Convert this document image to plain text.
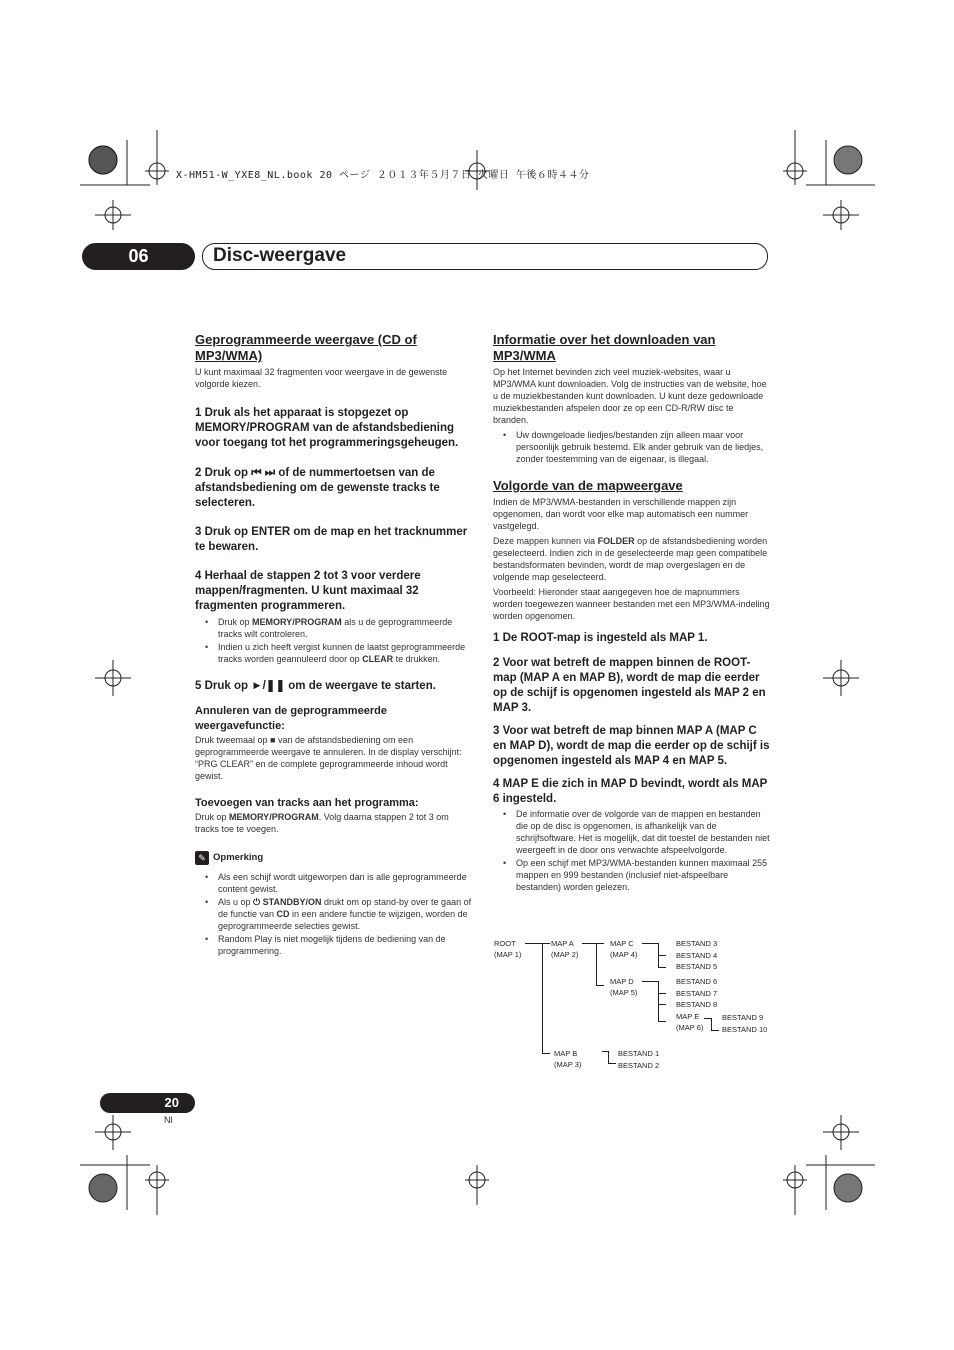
X-HM51-W_YXE8_NL.book 20 ページ ２０１３年５月７日 火曜日 午後６時４４分
06	Disc-weergave

Geprogrammeerde weergave (CD of MP3/WMA)

U kunt maximaal 32 fragmenten voor weergave in de gewenste volgorde kiezen.

1 Druk als het apparaat is stopgezet op MEMORY/PROGRAM van de afstandsbediening voor toegang tot het programmeringsgeheugen.

2 Druk op ⏮ ⏭ of de nummertoetsen van de afstandsbediening om de gewenste tracks te selecteren.

3 Druk op ENTER om de map en het tracknummer te bewaren.

4 Herhaal de stappen 2 tot 3 voor verdere mappen/fragmenten. U kunt maximaal 32 fragmenten programmeren.

• Druk op MEMORY/PROGRAM als u de geprogrammeerde tracks wilt controleren.

• Indien u zich heeft vergist kunnen de laatst geprogrammeerde tracks worden geannuleerd door op CLEAR te drukken.

5 Druk op ►/❚❚ om de weergave te starten.

Annuleren van de geprogrammeerde weergavefunctie:

Druk tweemaal op ■ van de afstandsbediening om een geprogrammeerde weergave te annuleren. In de display verschijnt: “PRG CLEAR” en de complete geprogrammeerde inhoud wordt gewist.

Toevoegen van tracks aan het programma:

Druk op MEMORY/PROGRAM. Volg daarna stappen 2 tot 3 om tracks toe te voegen.

✎ Opmerking

• Als een schijf wordt uitgeworpen dan is alle geprogrammeerde content gewist.

• Als u op ⏻ STANDBY/ON drukt om op stand-by over te gaan of de functie van CD in een andere functie te wijzigen, worden de geprogrammeerde selecties gewist.

• Random Play is niet mogelijk tijdens de bediening van de programmering.

Informatie over het downloaden van MP3/WMA

Op het Internet bevinden zich veel muziek-websites, waar u MP3/WMA kunt downloaden. Volg de instructies van de website, hoe u de muziekbestanden kunt downloaden. U kunt deze gedownloade muziekbestanden afspelen door ze op een CD-R/RW disc te branden.

• Uw downgeloade liedjes/bestanden zijn alleen maar voor persoonlijk gebruik bestemd. Elk ander gebruik van de liedjes, zonder toestemming van de eigenaar, is illegaal.

Volgorde van de mapweergave

Indien de MP3/WMA-bestanden in verschillende mappen zijn opgenomen, dan wordt voor elke map automatisch een nummer vastgelegd.

Deze mappen kunnen via FOLDER op de afstandsbediening worden geselecteerd. Indien zich in de geselecteerde map geen compatibele bestandsformaten bevinden, wordt de map overgeslagen en de volgende map geselecteerd.

Voorbeeld: Hieronder staat aangegeven hoe de mapnummers worden toegewezen wanneer bestanden met een MP3/WMA-indeling worden opgenomen.

1 De ROOT-map is ingesteld als MAP 1.

2 Voor wat betreft de mappen binnen de ROOT-map (MAP A en MAP B), wordt de map die eerder op de schijf is opgenomen ingesteld als MAP 2 en MAP 3.

3 Voor wat betreft de map binnen MAP A (MAP C en MAP D), wordt de map die eerder op de schijf is opgenomen ingesteld als MAP 4 en MAP 5.

4 MAP E die zich in MAP D bevindt, wordt als MAP 6 ingesteld.

• De informatie over de volgorde van de mappen en bestanden die op de disc is opgenomen, is afhankelijk van de schrijfsoftware. Het is mogelijk, dat dit toestel de bestanden niet weergeeft in de door ons verwachte afspeelvolgorde.

• Op een schijf met MP3/WMA-bestanden kunnen maximaal 255 mappen en 999 bestanden (inclusief niet-afspeelbare bestanden) worden gelezen.

ROOT
(MAP 1)
MAP A
(MAP 2)
MAP C
(MAP 4)
MAP D
(MAP 5)
BESTAND 3
BESTAND 4
BESTAND 5
BESTAND 6
BESTAND 7
BESTAND 8
MAP E
(MAP 6)
BESTAND 9
BESTAND 10
MAP B
(MAP 3)
BESTAND 1
BESTAND 2
20
Nl
